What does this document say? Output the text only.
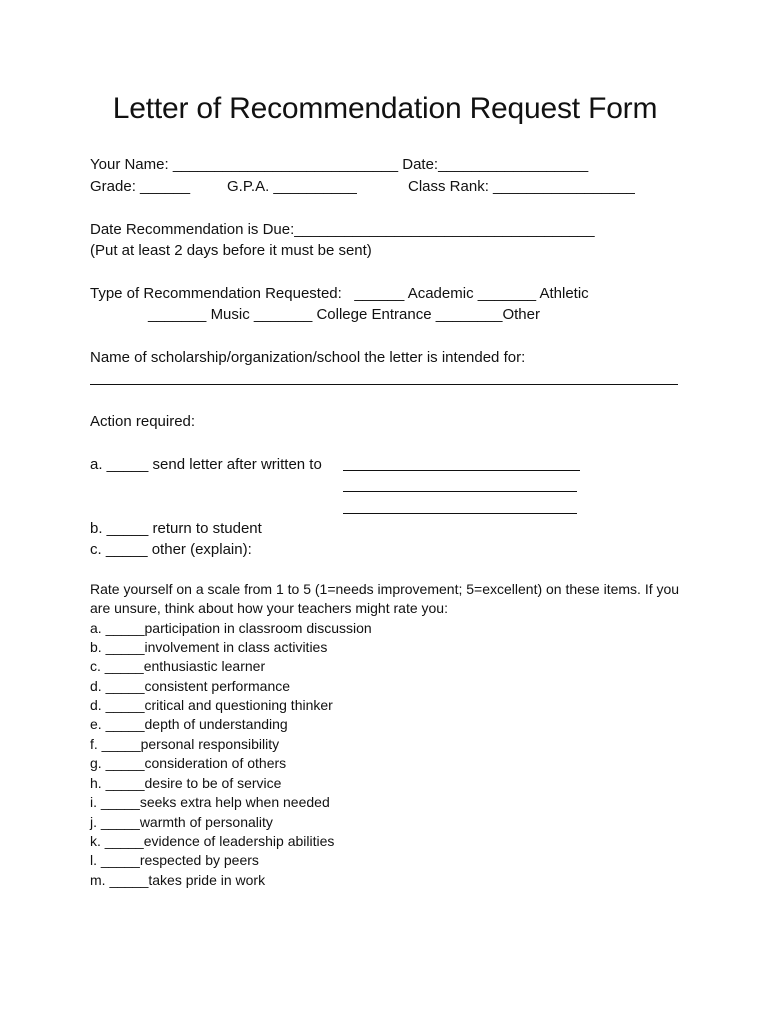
Letter of Recommendation Request Form
Your Name: ___________________________ Date:__________________
Grade: ______ G.P.A. __________	Class Rank: _________________
Date Recommendation is Due:____________________________________
(Put at least 2 days before it must be sent)
Type of Recommendation Requested:   ______ Academic _______ Athletic
_______ Music _______ College Entrance ________Other
Name of scholarship/organization/school the letter is intended for:
Action required:
a. _____ send letter after written to
b. _____ return to student
c. _____ other (explain):
Rate yourself on a scale from 1 to 5 (1=needs improvement; 5=excellent) on these items. If you
are unsure, think about how your teachers might rate you:
a. _____participation in classroom discussion
b. _____involvement in class activities
c. _____enthusiastic learner
d. _____consistent performance
d. _____critical and questioning thinker
e. _____depth of understanding
f. _____personal responsibility
g. _____consideration of others
h. _____desire to be of service
i. _____seeks extra help when needed
j. _____warmth of personality
k. _____evidence of leadership abilities
l. _____respected by peers
m. _____takes pride in work
